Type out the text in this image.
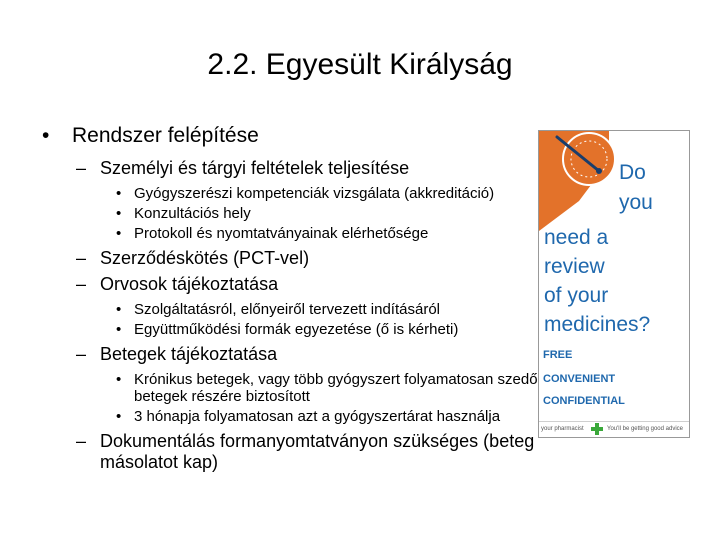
2.2. Egyesült Királyság
• Rendszer felépítése
– Személyi és tárgyi feltételek teljesítése
• Gyógyszerészi kompetenciák vizsgálata (akkreditáció)
• Konzultációs hely
• Protokoll és nyomtatványainak elérhetősége
– Szerződéskötés (PCT-vel)
– Orvosok tájékoztatása
• Szolgáltatásról, előnyeiről tervezett indításáról
• Együttműködési formák egyezetése (ő is kérheti)
– Betegek tájékoztatása
• Krónikus betegek, vagy több gyógyszert folyamatosan szedő betegek részére biztosított
• 3 hónapja folyamatosan azt a gyógyszertárat használja
– Dokumentálás formanyomtatványon szükséges (beteg másolatot kap)
Do
you
need a
review
of your
medicines?
FREE
CONVENIENT
CONFIDENTIAL
your pharmacist	You'll be getting good advice
